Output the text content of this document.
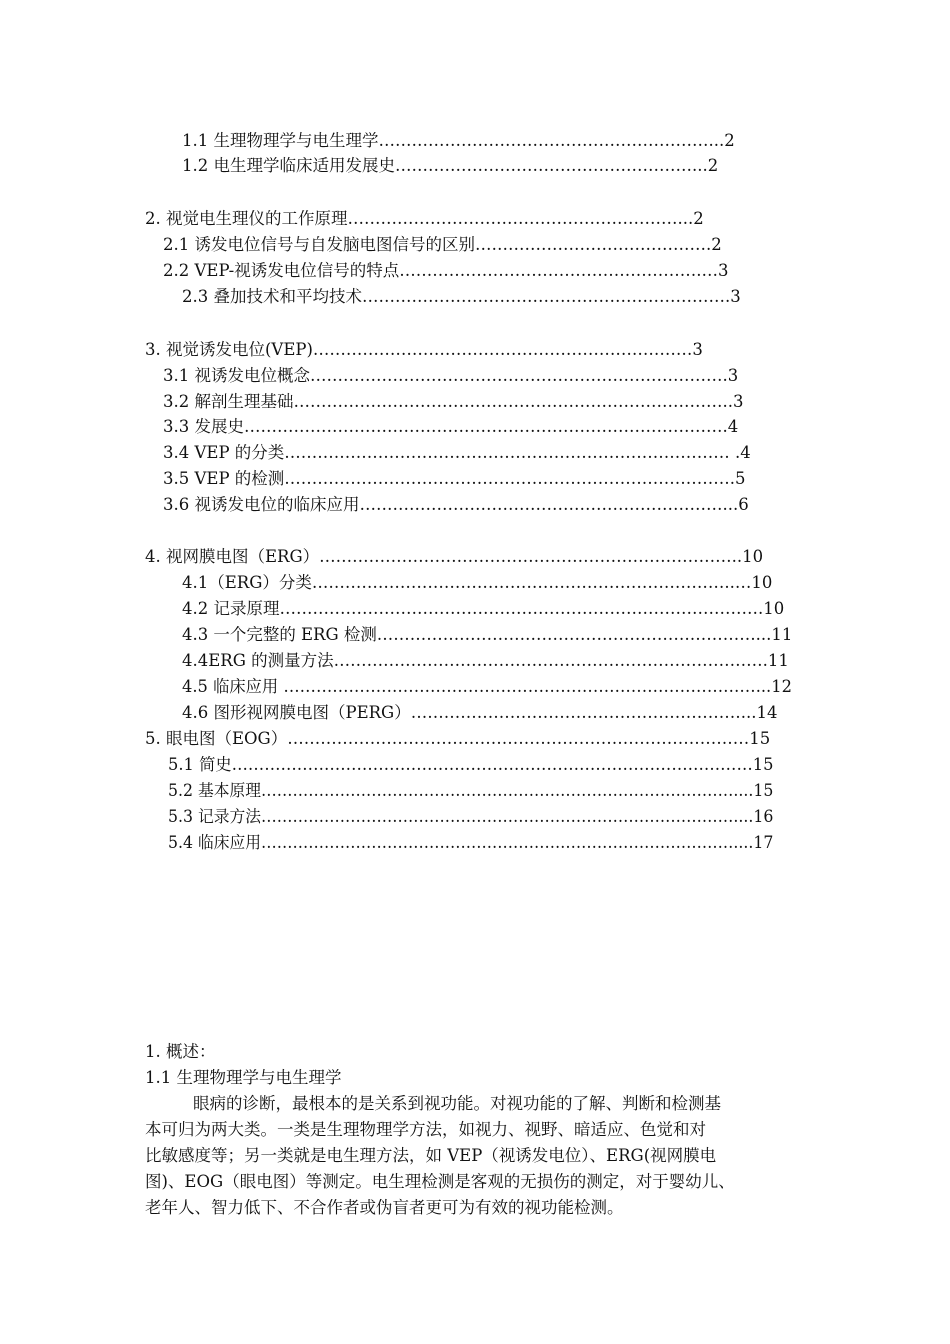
1.1 生理物理学与电生理学……………………………………………………...2
1.2 电生理学临床适用发展史………………………………………………...2
2. 视觉电生理仪的工作原理……………………………………………………...2
2.1 诱发电位信号与自发脑电图信号的区别…………………………………….2
2.2 VEP-视诱发电位信号的特点……………………………………………….…3
2.3 叠加技术和平均技术………………………………………………………….3
3. 视觉诱发电位(VEP)……………………………………………………………3
3.1 视诱发电位概念………………………………………………………………….3
3.2 解剖生理基础……………………………………………………………………..3
3.3 发展史…………………………………………………………………………….4
3.4 VEP 的分类……………………………………………………………………… .4
3.5 VEP 的检测……………………………………………………………………….5
3.6 视诱发电位的临床应用…………………………………………………………...6
4. 视网膜电图（ERG）…………………………………………………………………..10
4.1（ERG）分类…………………………………………………………………..…10
4.2 记录原理…………………………………………………………………………….10
4.3 一个完整的 ERG 检测……………………………………………………………...11
4.4ERG 的测量方法…………………………………………………………………….11
4.5 临床应用 ……………………………………………………………………………...12
4.6 图形视网膜电图（PERG）……………………………………………………...14
5. 眼电图（EOG）…………………………………………………………………………15
5.1 简史……………………………………………………………………………………15
5.2 基本原理………………………………………………………………………………....15
5.3 记录方法………………………………………………………………………………....16
5.4 临床应用………………………………………………………………………………....17
1. 概述：
1.1 生理物理学与电生理学
眼病的诊断，最根本的是关系到视功能。对视功能的了解、判断和检测基
本可归为两大类。一类是生理物理学方法，如视力、视野、暗适应、色觉和对
比敏感度等；另一类就是电生理方法，如 VEP（视诱发电位）、ERG(视网膜电
图)、EOG（眼电图）等测定。电生理检测是客观的无损伤的测定，对于婴幼儿、
老年人、智力低下、不合作者或伪盲者更可为有效的视功能检测。
